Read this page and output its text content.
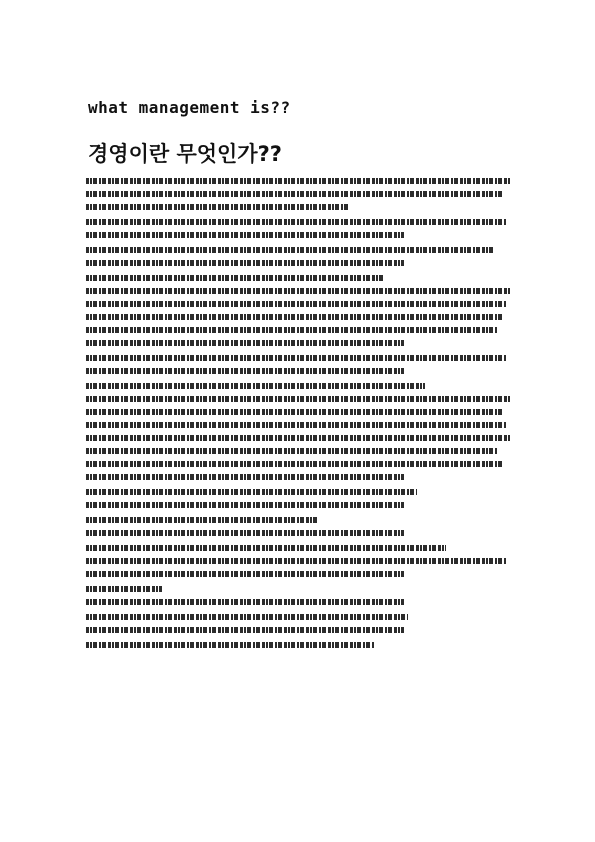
what management is??
경영이란 무엇인가??
